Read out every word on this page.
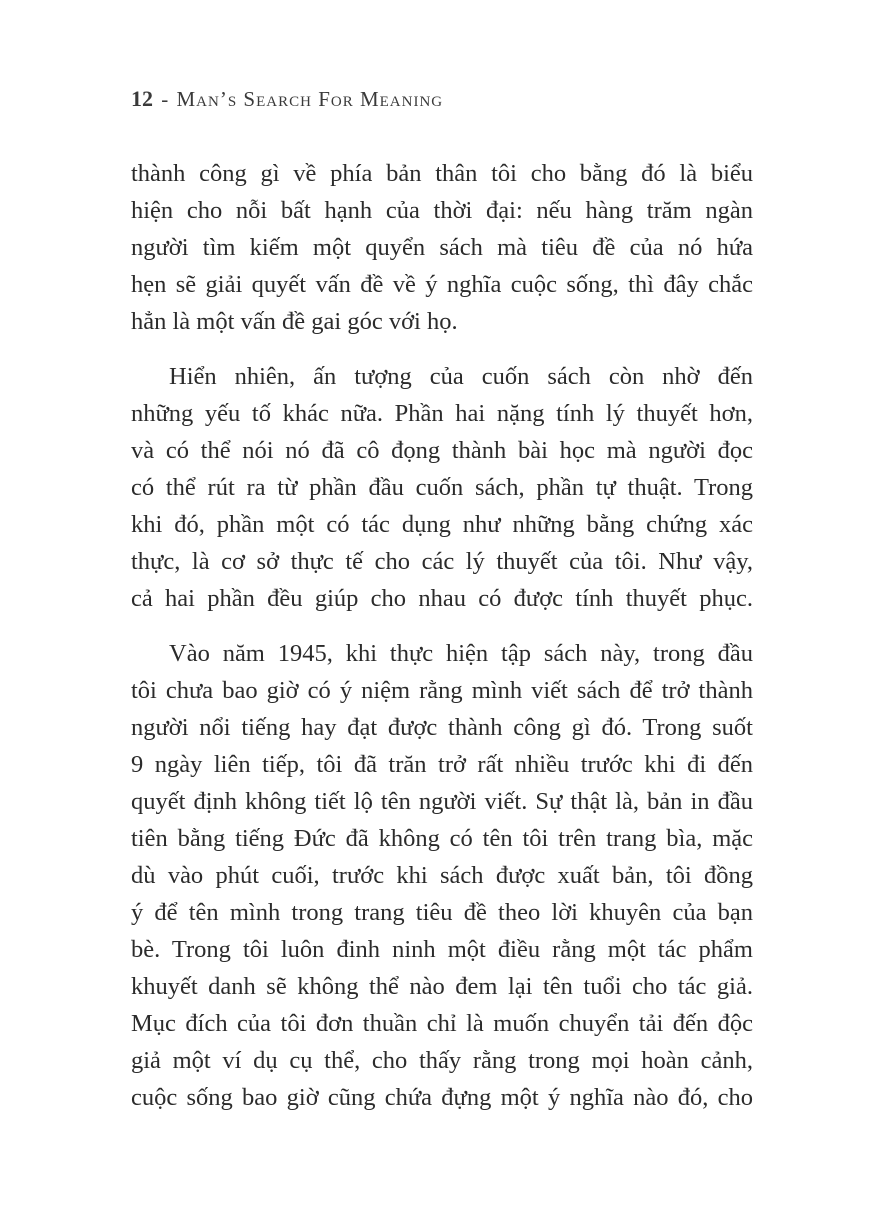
12 - Man’s Search For Meaning
thành công gì về phía bản thân tôi cho bằng đó là biểu
hiện cho nỗi bất hạnh của thời đại: nếu hàng trăm ngàn
người tìm kiếm một quyển sách mà tiêu đề của nó hứa
hẹn sẽ giải quyết vấn đề về ý nghĩa cuộc sống, thì đây chắc
hẳn là một vấn đề gai góc với họ.
Hiển nhiên, ấn tượng của cuốn sách còn nhờ đến
những yếu tố khác nữa. Phần hai nặng tính lý thuyết hơn,
và có thể nói nó đã cô đọng thành bài học mà người đọc
có thể rút ra từ phần đầu cuốn sách, phần tự thuật. Trong
khi đó, phần một có tác dụng như những bằng chứng xác
thực, là cơ sở thực tế cho các lý thuyết của tôi. Như vậy,
cả hai phần đều giúp cho nhau có được tính thuyết phục.
Vào năm 1945, khi thực hiện tập sách này, trong đầu
tôi chưa bao giờ có ý niệm rằng mình viết sách để trở thành
người nổi tiếng hay đạt được thành công gì đó. Trong suốt
9 ngày liên tiếp, tôi đã trăn trở rất nhiều trước khi đi đến
quyết định không tiết lộ tên người viết. Sự thật là, bản in đầu
tiên bằng tiếng Đức đã không có tên tôi trên trang bìa, mặc
dù vào phút cuối, trước khi sách được xuất bản, tôi đồng
ý để tên mình trong trang tiêu đề theo lời khuyên của bạn
bè. Trong tôi luôn đinh ninh một điều rằng một tác phẩm
khuyết danh sẽ không thể nào đem lại tên tuổi cho tác giả.
Mục đích của tôi đơn thuần chỉ là muốn chuyển tải đến độc
giả một ví dụ cụ thể, cho thấy rằng trong mọi hoàn cảnh,
cuộc sống bao giờ cũng chứa đựng một ý nghĩa nào đó, cho
